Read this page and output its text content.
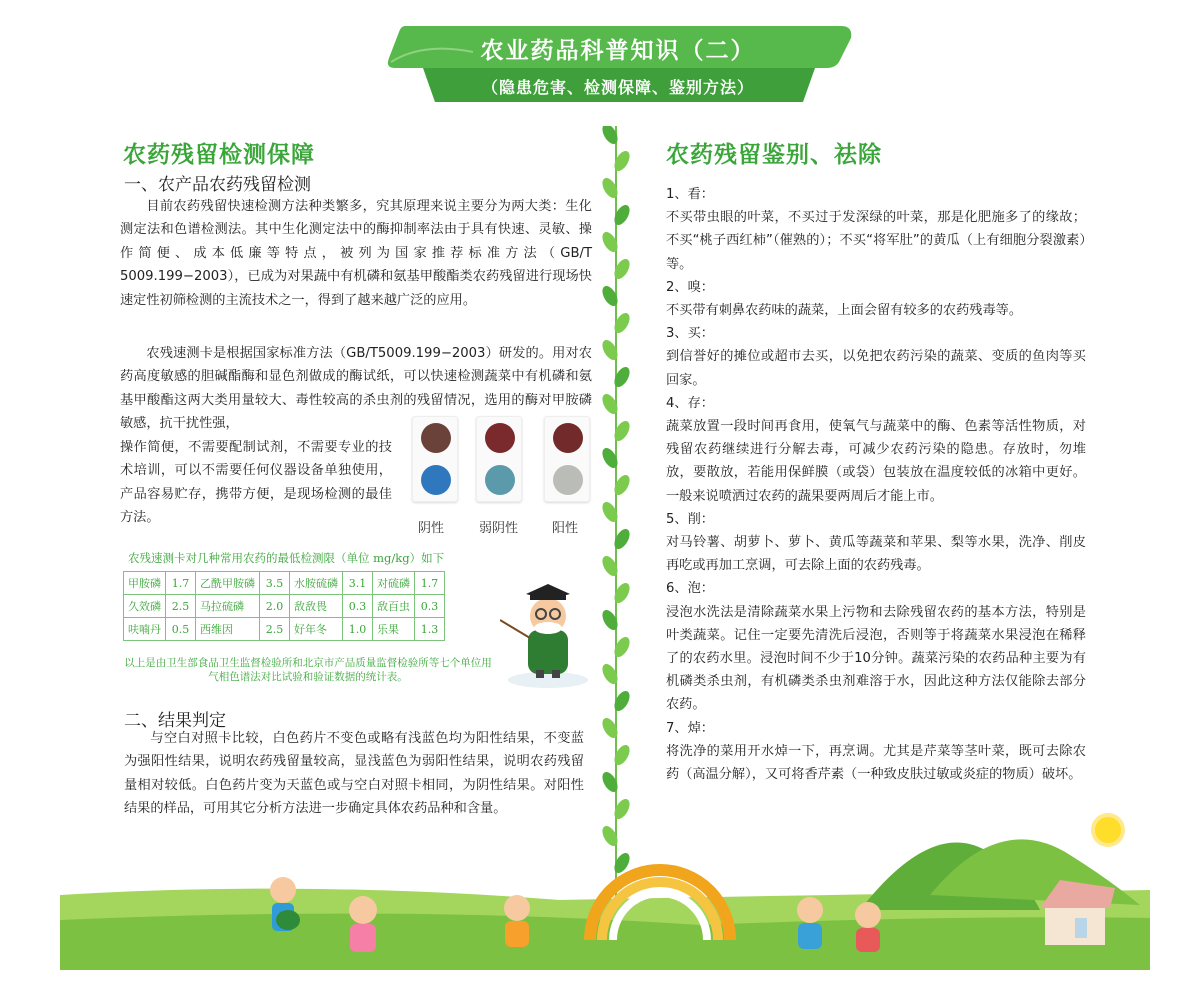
农业药品科普知识（二）
（隐患危害、检测保障、鉴别方法）
农药残留检测保障
一、农产品农药残留检测

目前农药残留快速检测方法种类繁多，究其原理来说主要分为两大类：生化测定法和色谱检测法。其中生化测定法中的酶抑制率法由于具有快速、灵敏、操作简便、成本低廉等特点，被列为国家推荐标准方法（GB/T 5009.199−2003），已成为对果蔬中有机磷和氨基甲酸酯类农药残留进行现场快速定性初筛检测的主流技术之一，得到了越来越广泛的应用。

农残速测卡是根据国家标准方法（GB/T5009.199−2003）研发的。用对农药高度敏感的胆碱酯酶和显色剂做成的酶试纸，可以快速检测蔬菜中有机磷和氨基甲酸酯这两大类用量较大、毒性较高的杀虫剂的残留情况，选用的酶对甲胺磷敏感，抗干扰性强，

操作简便，不需要配制试剂，不需要专业的技术培训，可以不需要任何仪器设备单独使用，产品容易贮存，携带方便，是现场检测的最佳方法。

阴性	弱阴性	阳性
农残速测卡对几种常用农药的最低检测限（单位 mg/kg）如下
甲胺磷	1.7	乙酰甲胺磷	3.5	水胺硫磷	3.1	对硫磷	1.7
久效磷	2.5	马拉硫磷	2.0	敌敌畏	0.3	敌百虫	0.3
呋喃丹	0.5	西维因	2.5	好年冬	1.0	乐果	1.3
以上是由卫生部食品卫生监督检验所和北京市产品质量监督检验所等七个单位用气相色谱法对比试验和验证数据的统计表。
二、结果判定

与空白对照卡比较，白色药片不变色或略有浅蓝色均为阳性结果，不变蓝为强阳性结果，说明农药残留量较高，显浅蓝色为弱阳性结果，说明农药残留量相对较低。白色药片变为天蓝色或与空白对照卡相同，为阴性结果。对阳性结果的样品，可用其它分析方法进一步确定具体农药品种和含量。

农药残留鉴别、祛除
1、看：
不买带虫眼的叶菜，不买过于发深绿的叶菜，那是化肥施多了的缘故；不买“桃子西红柿”（催熟的）；不买“将军肚”的黄瓜（上有细胞分裂激素）等。
2、嗅：
不买带有刺鼻农药味的蔬菜，上面会留有较多的农药残毒等。
3、买：
到信誉好的摊位或超市去买，以免把农药污染的蔬菜、变质的鱼肉等买回家。
4、存：
蔬菜放置一段时间再食用，使氧气与蔬菜中的酶、色素等活性物质，对残留农药继续进行分解去毒，可减少农药污染的隐患。存放时，勿堆放，要散放，若能用保鲜膜（或袋）包装放在温度较低的冰箱中更好。一般来说喷洒过农药的蔬果要两周后才能上市。
5、削：
对马铃薯、胡萝卜、萝卜、黄瓜等蔬菜和苹果、梨等水果，洗净、削皮再吃或再加工烹调，可去除上面的农药残毒。
6、泡：
浸泡水洗法是清除蔬菜水果上污物和去除残留农药的基本方法，特别是叶类蔬菜。记住一定要先清洗后浸泡，否则等于将蔬菜水果浸泡在稀释了的农药水里。浸泡时间不少于10分钟。蔬菜污染的农药品种主要为有机磷类杀虫剂，有机磷类杀虫剂难溶于水，因此这种方法仅能除去部分农药。
7、焯：
将洗净的菜用开水焯一下，再烹调。尤其是芹菜等茎叶菜，既可去除农药（高温分解），又可将香芹素（一种致皮肤过敏或炎症的物质）破坏。
